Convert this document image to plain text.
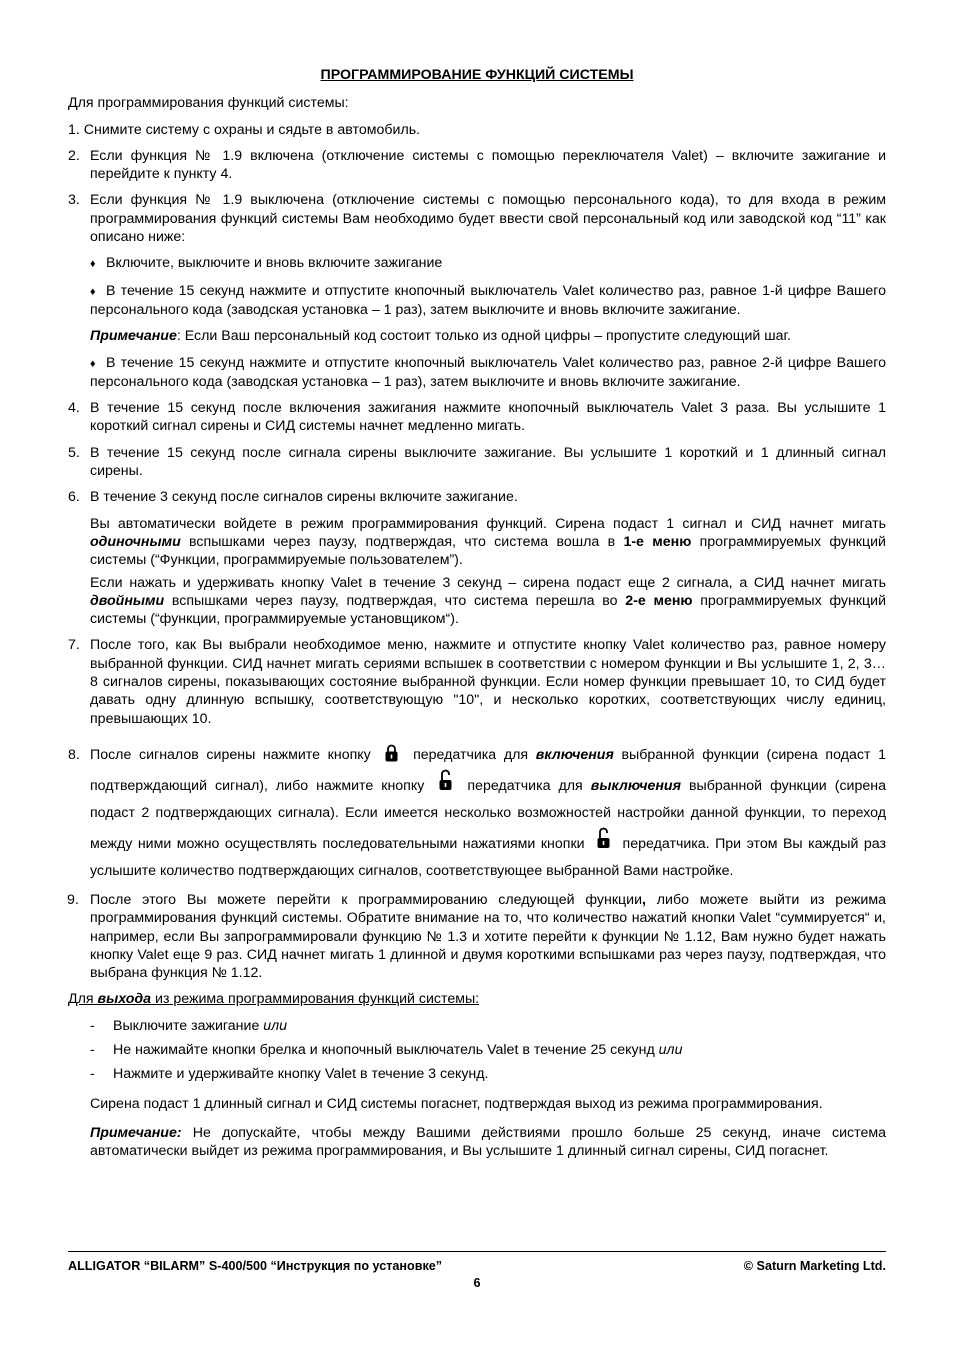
ПРОГРАММИРОВАНИЕ ФУНКЦИЙ СИСТЕМЫ

Для программирования функций системы:

1. Снимите систему с охраны и сядьте в автомобиль.
2. Если функция № 1.9 включена (отключение системы с помощью переключателя Valet) – включите зажигание и перейдите к пункту 4.
3. Если функция № 1.9 выключена (отключение системы с помощью персонального кода), то для входа в режим программирования функций системы Вам необходимо будет ввести свой персональный код или заводской код “11” как описано ниже:

♦ Включите, выключите и вновь включите зажигание

♦ В течение 15 секунд нажмите и отпустите кнопочный выключатель Valet количество раз, равное 1-й цифре Вашего персонального кода (заводская установка – 1 раз), затем выключите и вновь включите зажигание.

Примечание: Если Ваш персональный код состоит только из одной цифры – пропустите следующий шаг.

♦ В течение 15 секунд нажмите и отпустите кнопочный выключатель Valet количество раз, равное 2-й цифре Вашего персонального кода (заводская установка – 1 раз), затем выключите и вновь включите зажигание.

4. В течение 15 секунд после включения зажигания нажмите кнопочный выключатель Valet 3 раза. Вы услышите 1 короткий сигнал сирены и СИД системы начнет медленно мигать.
5. В течение 15 секунд после сигнала сирены выключите зажигание. Вы услышите 1 короткий и 1 длинный сигнал сирены.
6. В течение 3 секунд после сигналов сирены включите зажигание.

Вы автоматически войдете в режим программирования функций. Сирена подаст 1 сигнал и СИД начнет мигать одиночными вспышками через паузу, подтверждая, что система вошла в 1-е меню программируемых функций системы (“Функции, программируемые пользователем”).

Если нажать и удерживать кнопку Valet в течение 3 секунд – сирена подаст еще 2 сигнала, а СИД начнет мигать двойными вспышками через паузу, подтверждая, что система перешла во 2-е меню программируемых функций системы (“функции, программируемые установщиком“).

7. После того, как Вы выбрали необходимое меню, нажмите и отпустите кнопку Valet количество раз, равное номеру выбранной функции. СИД начнет мигать сериями вспышек в соответствии с номером функции и Вы услышите 1, 2, 3…8 сигналов сирены, показывающих состояние выбранной функции. Если номер функции превышает 10, то СИД будет давать одну длинную вспышку, соответствующую "10", и несколько коротких, соответствующих числу единиц, превышающих 10.
8. После сигналов сирены нажмите кнопку	передатчика для включения выбранной функции (сирена подаст 1 подтверждающий сигнал), либо нажмите кнопку	передатчика для выключения выбранной функции (сирена подаст 2 подтверждающих сигнала). Если имеется несколько возможностей настройки данной функции, то переход между ними можно осуществлять последовательными нажатиями кнопки	передатчика. При этом Вы каждый раз услышите количество подтверждающих сигналов, соответствующее выбранной Вами настройке.
9. После этого Вы можете перейти к программированию следующей функции, либо можете выйти из режима программирования функций системы. Обратите внимание на то, что количество нажатий кнопки Valet “суммируется“ и, например, если Вы запрограммировали функцию № 1.3 и хотите перейти к функции № 1.12, Вам нужно будет нажать кнопку Valet еще 9 раз. СИД начнет мигать 1 длинной и двумя короткими вспышками раз через паузу, подтверждая, что выбрана функция № 1.12.

Для выхода из режима программирования функций системы:

- Выключите зажигание или

- Не нажимайте кнопки брелка и кнопочный выключатель Valet в течение 25 секунд или

- Нажмите и удерживайте кнопку Valet в течение 3 секунд.

Сирена подаст 1 длинный сигнал и СИД системы погаснет, подтверждая выход из режима программирования.

Примечание: Не допускайте, чтобы между Вашими действиями прошло больше 25 секунд, иначе система автоматически выйдет из режима программирования, и Вы услышите 1 длинный сигнал сирены, СИД погаснет.

ALLIGATOR “BILARM” S-400/500 “Инструкция по установке”	© Saturn Marketing Ltd.
6
